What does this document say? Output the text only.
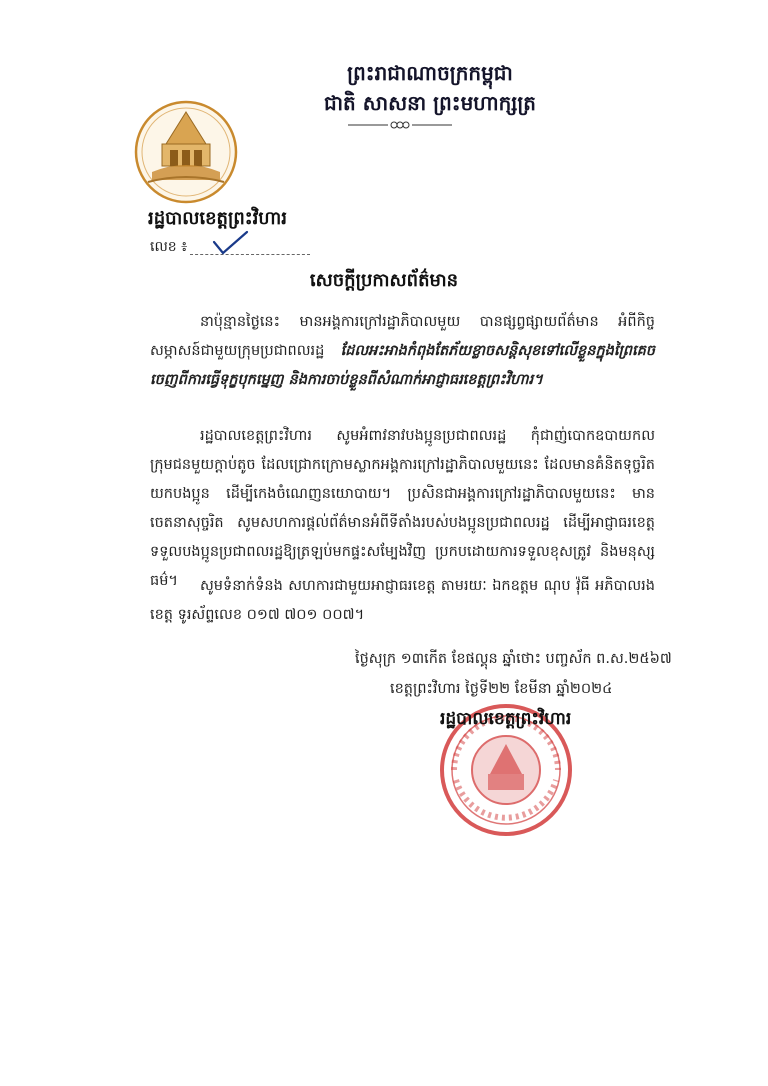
ព្រះរាជាណាចក្រកម្ពុជា
ជាតិ សាសនា ព្រះមហាក្សត្រ
រដ្ឋបាលខេត្តព្រះវិហារ
លេខ ៖
សេចក្ដីប្រកាសព័ត៌មាន
នាប៉ុន្មានថ្ងៃនេះ មានអង្គការក្រៅរដ្ឋាភិបាលមួយ បានផ្សព្វផ្សាយព័ត៌មាន អំពីកិច្ចសម្ភាសន៍ជាមួយក្រុមប្រជាពលរដ្ឋ ដែលអះអាងកំពុងតែភ័យខ្លាចសន្តិសុខទៅលើខ្លួនក្នុងព្រៃគេចចេញពីការធ្វើទុក្ខបុកម្នេញ និងការចាប់ខ្លួនពីសំណាក់អាជ្ញាធរខេត្តព្រះវិហារ។
រដ្ឋបាលខេត្តព្រះវិហារ សូមអំពាវនាវបងប្អូនប្រជាពលរដ្ឋ កុំជាញ់បោកឧបាយកលក្រុមជនមួយក្ដាប់តូច ដែលជ្រោកក្រោមស្លាកអង្គការក្រៅរដ្ឋាភិបាលមួយនេះ ដែលមានគំនិតទុច្ចរិត យកបងប្អូន ដើម្បីកេងចំណេញនយោបាយ។ ប្រសិនជាអង្គការក្រៅរដ្ឋាភិបាលមួយនេះ មានចេតនាសុច្ចរិត សូមសហការផ្ដល់ព័ត៌មានអំពីទីតាំងរបស់បងប្អូនប្រជាពលរដ្ឋ ដើម្បីអាជ្ញាធរខេត្តទទួលបងប្អូនប្រជាពលរដ្ឋឱ្យត្រឡប់មកផ្ទះសម្បែងវិញ ប្រកបដោយការទទួលខុសត្រូវ និងមនុស្សធម៌។	សូមទំនាក់ទំនង សហការជាមួយអាជ្ញាធរខេត្ត តាមរយៈ ឯកឧត្តម ណុប វ៉ុធី អភិបាលរងខេត្ត ទូរស័ព្ទលេខ ០១៧ ៧០១ ០០៧។
ថ្ងៃសុក្រ ១៣កើត ខែផល្គុន ឆ្នាំថោះ បញ្ចស័ក ព.ស.២៥៦៧
ខេត្តព្រះវិហារ ថ្ងៃទី២២ ខែមីនា ឆ្នាំ២០២៤
រដ្ឋបាលខេត្តព្រះវិហារ
